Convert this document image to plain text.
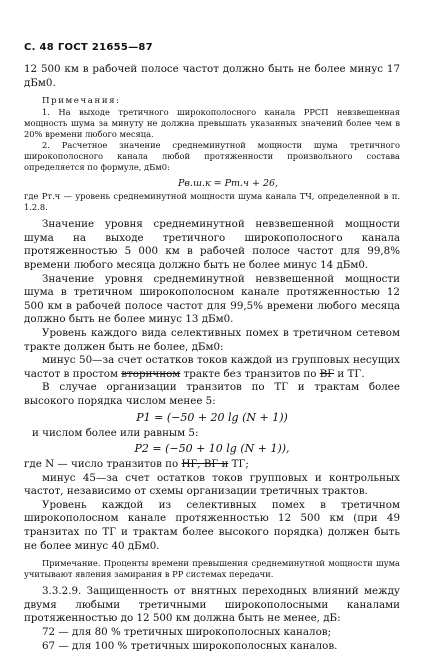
С. 48 ГОСТ 21655—87

12 500 км в рабочей полосе частот должно быть не более минус 17 дБм0.

Примечания:

1. На выходе третичного широкополосного канала РРСП невзвешенная мощность шума за минуту не должна превышать указанных значений более чем в 20% времени любого месяца.

2. Расчетное значение среднеминутной мощности шума третичного широкополосного канала любой протяженности произвольного состава определяется по формуле, дБм0:

Pв.ш.к = Pт.ч + 26,

где Pт.ч — уровень среднеминутной мощности шума канала ТЧ, определенной в п. 1.2.8.

Значение уровня среднеминутной невзвешенной мощности шума на выходе третичного широкополосного канала протяженностью 5 000 км в рабочей полосе частот для 99,8% времени любого месяца должно быть не более минус 14 дБм0.

Значение уровня среднеминутной невзвешенной мощности шума в третичном широкополосном канале протяженностью 12 500 км в рабочей полосе частот для 99,5% времени любого месяца должно быть не более минус 13 дБм0.

Уровень каждого вида селективных помех в третичном сетевом тракте должен быть не более, дБм0:

минус 50—за счет остатков токов каждой из групповых несущих частот в простом вторичном тракте без транзитов по ВГ и ТГ.

В случае организации транзитов по ТГ и трактам более высокого порядка числом менее 5:

P1 = (−50 + 20 lg (N + 1))

и числом более или равным 5:

P2 = (−50 + 10 lg (N + 1)),

где N — число транзитов по НГ, ВГ и ТГ;

минус 45—за счет остатков токов групповых и контрольных частот, независимо от схемы организации третичных трактов.

Уровень каждой из селективных помех в третичном широкополосном канале протяженностью 12 500 км (при 49 транзитах по ТГ и трактам более высокого порядка) должен быть не более минус 40 дБм0.

Примечание. Проценты времени превышения среднеминутной мощности шума учитывают явления замирания в РР системах передачи.

3.3.2.9. Защищенность от внятных переходных влияний между двумя любыми третичными широкополосными каналами протяженностью до 12 500 км должна быть не менее, дБ:

72 — для 80 % третичных широкополосных каналов;

67 — для 100 % третичных широкополосных каналов.
